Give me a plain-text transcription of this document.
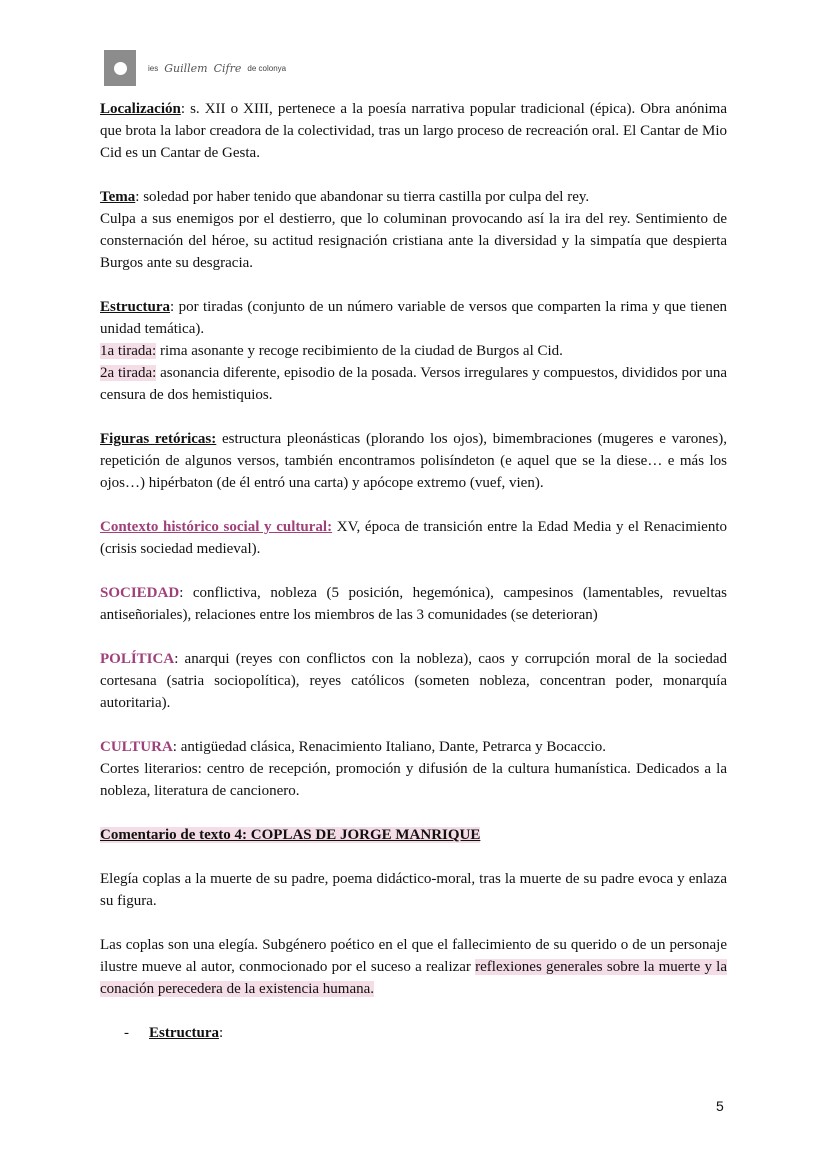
ies Guillem Cifre de colonya

Localización: s. XII o XIII, pertenece a la poesía narrativa popular tradicional (épica). Obra anónima que brota la labor creadora de la colectividad, tras un largo proceso de recreación oral. El Cantar de Mio Cid es un Cantar de Gesta.

Tema: soledad por haber tenido que abandonar su tierra castilla por culpa del rey.

Culpa a sus enemigos por el destierro, que lo columinan provocando así la ira del rey. Sentimiento de consternación del héroe, su actitud resignación cristiana ante la diversidad y la simpatía que despierta Burgos ante su desgracia.

Estructura: por tiradas (conjunto de un número variable de versos que comparten la rima y que tienen unidad temática).

1a tirada: rima asonante y recoge recibimiento de la ciudad de Burgos al Cid.

2a tirada: asonancia diferente, episodio de la posada. Versos irregulares y compuestos, divididos por una censura de dos hemistiquios.

Figuras retóricas: estructura pleonásticas (plorando los ojos), bimembraciones (mugeres e varones), repetición de algunos versos, también encontramos polisíndeton (e aquel que se la diese… e más los ojos…) hipérbaton (de él entró una carta) y apócope extremo (vuef, vien).

Contexto histórico social y cultural: XV, época de transición entre la Edad Media y el Renacimiento (crisis sociedad medieval).

SOCIEDAD: conflictiva, nobleza (5 posición, hegemónica), campesinos (lamentables, revueltas antiseñoriales), relaciones entre los miembros de las 3 comunidades (se deterioran)

POLÍTICA: anarqui (reyes con conflictos con la nobleza), caos y corrupción moral de la sociedad cortesana (satria sociopolítica), reyes católicos (someten nobleza, concentran poder, monarquía autoritaria).

CULTURA: antigüedad clásica, Renacimiento Italiano, Dante, Petrarca y Bocaccio.

Cortes literarios: centro de recepción, promoción y difusión de la cultura humanística. Dedicados a la nobleza, literatura de cancionero.

Comentario de texto 4: COPLAS DE JORGE MANRIQUE

Elegía coplas a la muerte de su padre, poema didáctico-moral, tras la muerte de su padre evoca y enlaza su figura.

Las coplas son una elegía. Subgénero poético en el que el fallecimiento de su querido o de un personaje ilustre mueve al autor, conmocionado por el suceso a realizar reflexiones generales sobre la muerte y la conación perecedera de la existencia humana.

- Estructura:
5
